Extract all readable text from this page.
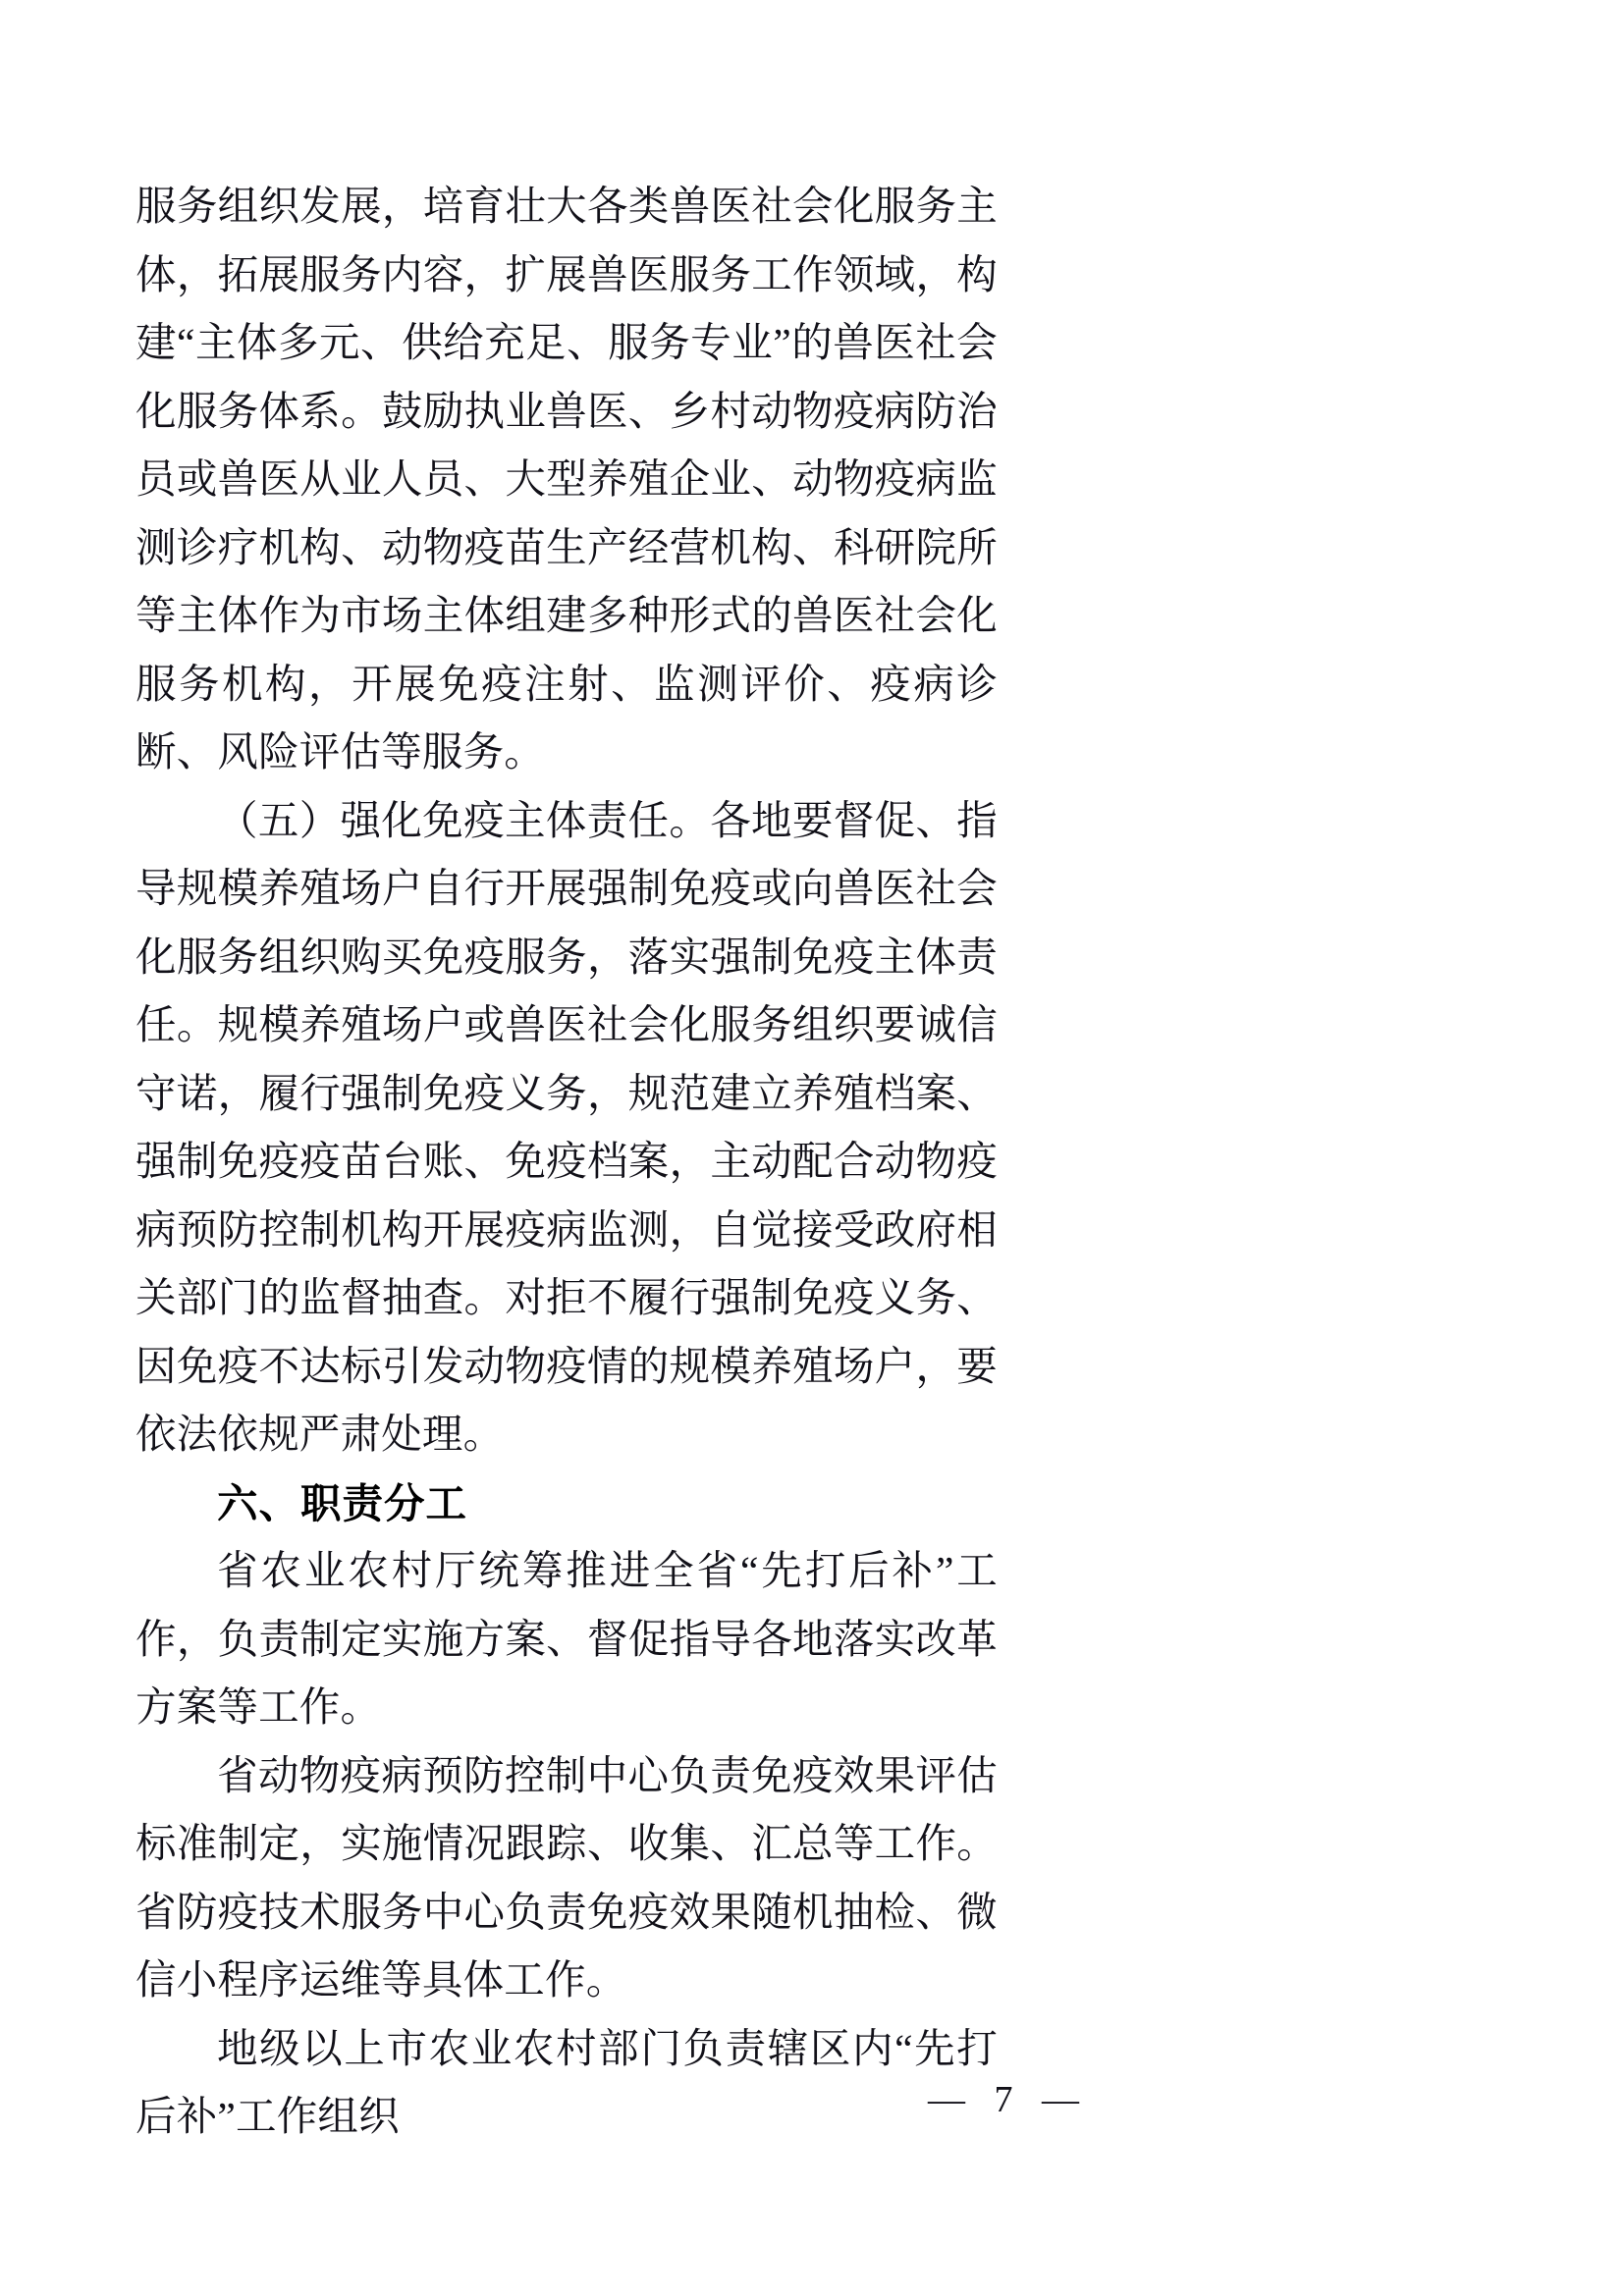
服务组织发展，培育壮大各类兽医社会化服务主体，拓展服务内容，扩展兽医服务工作领域，构建“主体多元、供给充足、服务专业”的兽医社会化服务体系。鼓励执业兽医、乡村动物疫病防治员或兽医从业人员、大型养殖企业、动物疫病监测诊疗机构、动物疫苗生产经营机构、科研院所等主体作为市场主体组建多种形式的兽医社会化服务机构，开展免疫注射、监测评价、疫病诊断、风险评估等服务。

（五）强化免疫主体责任。各地要督促、指导规模养殖场户自行开展强制免疫或向兽医社会化服务组织购买免疫服务，落实强制免疫主体责任。规模养殖场户或兽医社会化服务组织要诚信守诺，履行强制免疫义务，规范建立养殖档案、强制免疫疫苗台账、免疫档案，主动配合动物疫病预防控制机构开展疫病监测，自觉接受政府相关部门的监督抽查。对拒不履行强制免疫义务、因免疫不达标引发动物疫情的规模养殖场户，要依法依规严肃处理。

六、职责分工

省农业农村厅统筹推进全省“先打后补”工作，负责制定实施方案、督促指导各地落实改革方案等工作。

省动物疫病预防控制中心负责免疫效果评估标准制定，实施情况跟踪、收集、汇总等工作。省防疫技术服务中心负责免疫效果随机抽检、微信小程序运维等具体工作。

地级以上市农业农村部门负责辖区内“先打后补”工作组织	— 7 —
